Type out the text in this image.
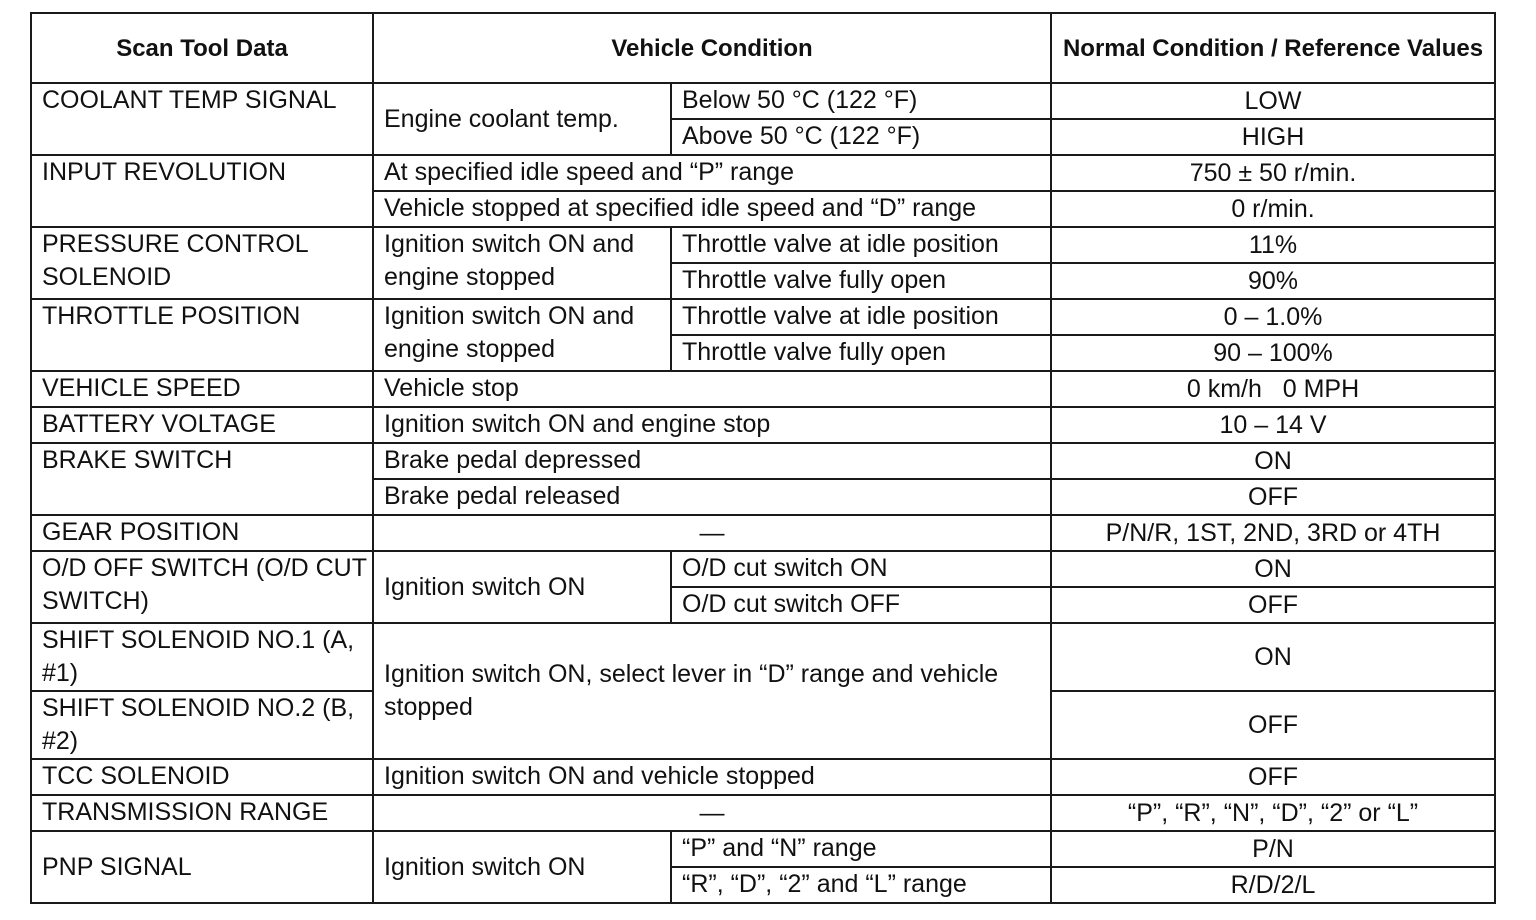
Scan Tool Data	Vehicle Condition		Normal Condition / Reference Values
COOLANT TEMP SIGNAL	Engine coolant temp.	Below 50 °C (122 °F)	LOW
		Above 50 °C (122 °F)	HIGH
INPUT REVOLUTION	At specified idle speed and “P” range		750 ± 50 r/min.
	Vehicle stopped at specified idle speed and “D” range		0 r/min.
PRESSURE CONTROL SOLENOID	Ignition switch ON and engine stopped	Throttle valve at idle position	11%
		Throttle valve fully open	90%
THROTTLE POSITION	Ignition switch ON and engine stopped	Throttle valve at idle position	0 – 1.0%
		Throttle valve fully open	90 – 100%
VEHICLE SPEED	Vehicle stop		0 km/h   0 MPH
BATTERY VOLTAGE	Ignition switch ON and engine stop		10 – 14 V
BRAKE SWITCH	Brake pedal depressed		ON
	Brake pedal released		OFF
GEAR POSITION	—		P/N/R, 1ST, 2ND, 3RD or 4TH
O/D OFF SWITCH (O/D CUT SWITCH)	Ignition switch ON	O/D cut switch ON	ON
		O/D cut switch OFF	OFF
SHIFT SOLENOID NO.1 (A, #1)	Ignition switch ON, select lever in “D” range and vehicle stopped		ON
SHIFT SOLENOID NO.2 (B, #2)			OFF
TCC SOLENOID	Ignition switch ON and vehicle stopped		OFF
TRANSMISSION RANGE	—		“P”, “R”, “N”, “D”, “2” or “L”
PNP SIGNAL	Ignition switch ON	“P” and “N” range	P/N
		“R”, “D”, “2” and “L” range	R/D/2/L
